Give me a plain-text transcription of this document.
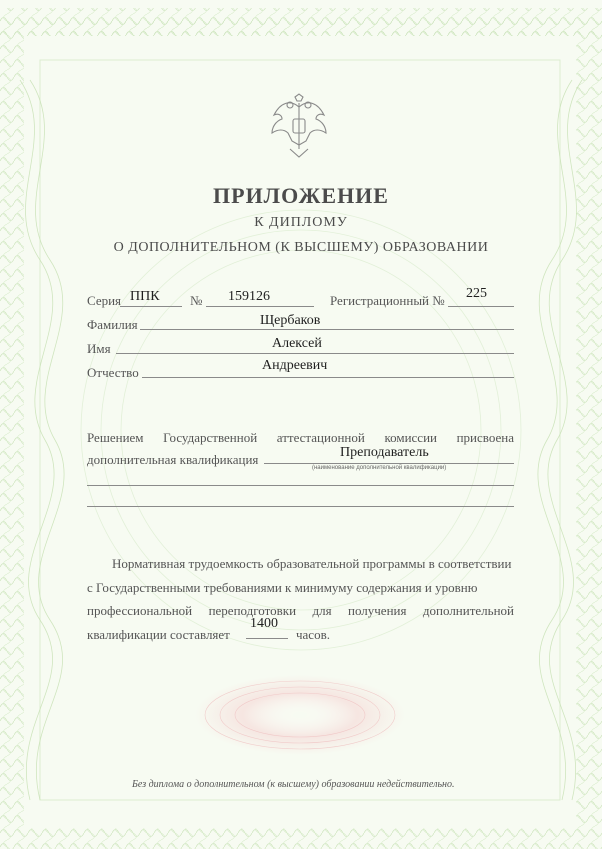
ПРИЛОЖЕНИЕ
К ДИПЛОМУ
О ДОПОЛНИТЕЛЬНОМ (К ВЫСШЕМУ) ОБРАЗОВАНИИ
Серия ППК № 159126	Регистрационный № 225
Фамилия	Щербаков
Имя	Алексей
Отчество	Андреевич
Решением Государственной аттестационной комиссии присвоена
дополнительная квалификация	Преподаватель
(наименование дополнительной квалификации)
Нормативная трудоемкость образовательной программы в соответствии
с Государственными требованиями к минимуму содержания и уровню
профессиональной переподготовки для получения дополнительной
квалификации составляет
1400
часов.
Без диплома о дополнительном (к высшему) образовании недействительно.
